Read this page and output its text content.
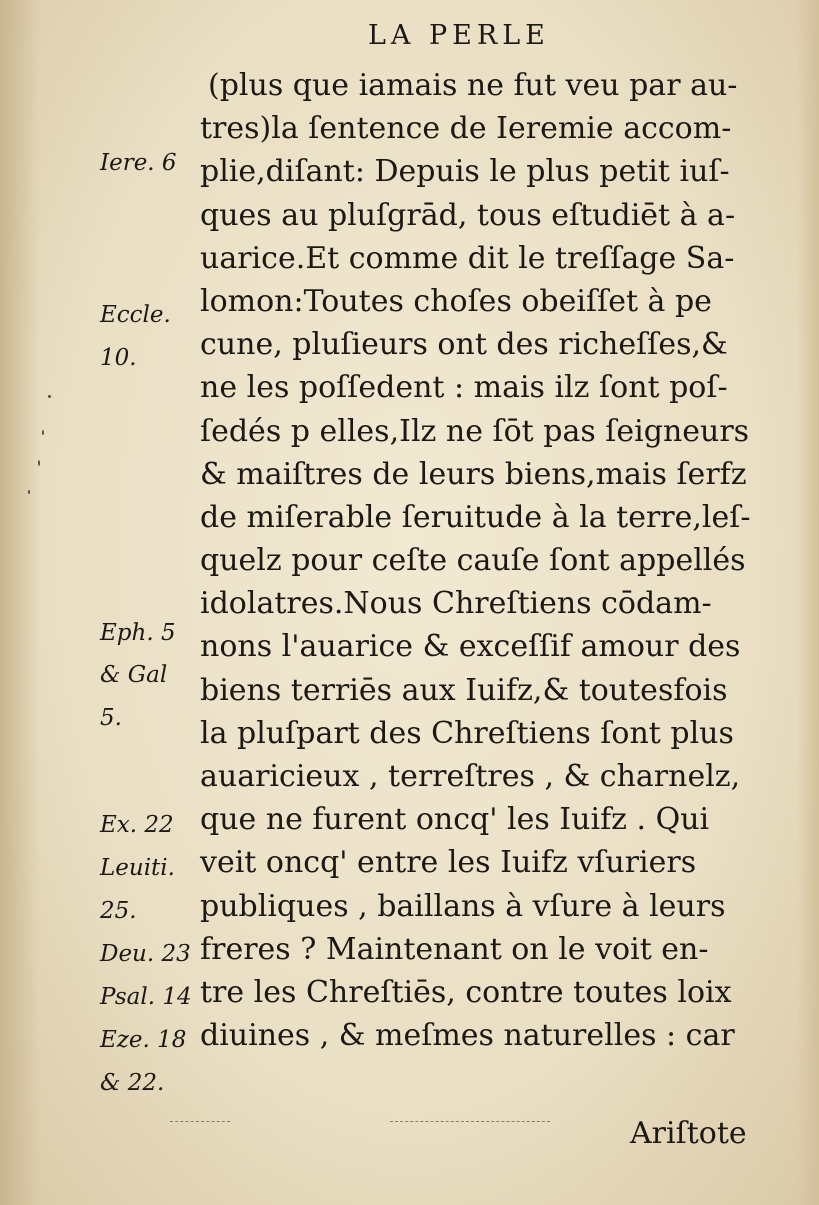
LA PERLE
(plus que iamais ne fut veu par au-
tres)la ſentence de Ieremie accom-
plie,diſant: Depuis le plus petit iuſ-
ques au pluſgrād, tous eſtudiēt à a-
uarice.Et comme dit le treſſage Sa-
lomon:Toutes choſes obeiſſet à pe
cune, pluſieurs ont des richeſſes,&
ne les poſſedent : mais ilz ſont poſ-
ſedés p elles,Ilz ne ſōt pas ſeigneurs
& maiſtres de leurs biens,mais ſerfz
de miſerable ſeruitude à la terre,leſ-
quelz pour ceſte cauſe ſont appellés
idolatres.Nous Chreſtiens cōdam-
nons l'auarice & exceſſif amour des
biens terriēs aux Iuifz,& toutesfois
la pluſpart des Chreſtiens ſont plus
auaricieux , terreſtres , & charnelz,
que ne furent oncq' les Iuifz . Qui
veit oncq' entre les Iuifz vſuriers
publiques , baillans à vſure à leurs
freres ? Maintenant on le voit en-
tre les Chreſtiēs, contre toutes loix
diuines , & meſmes naturelles : car
Iere. 6
Eccle.
10.
Eph. 5
& Gal
5.
Ex. 22
Leuiti.
25.
Deu. 23
Psal. 14
Eze. 18
& 22.
Ariſtote
